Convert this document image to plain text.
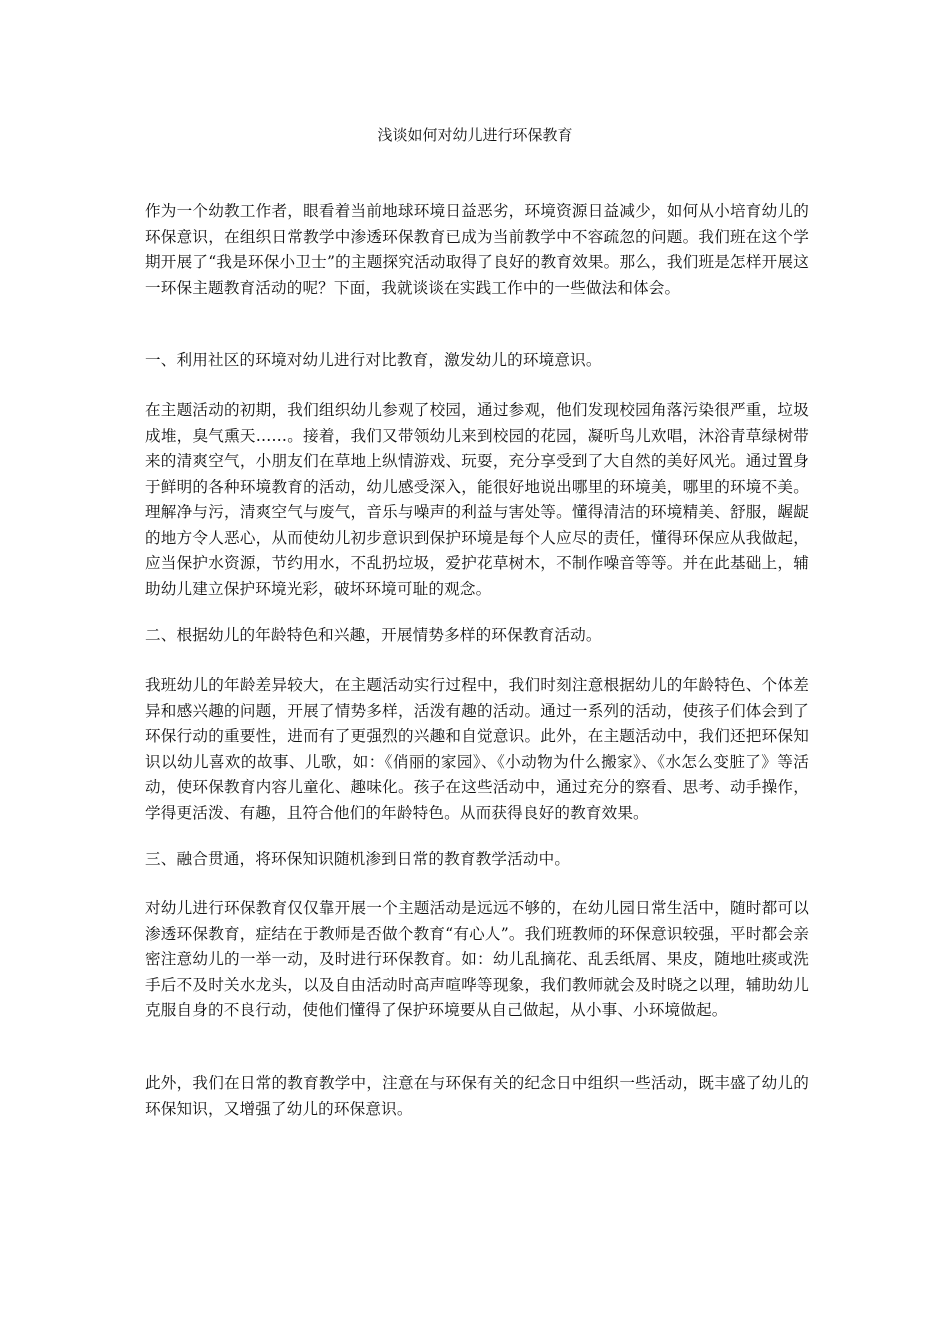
浅谈如何对幼儿进行环保教育

作为一个幼教工作者，眼看着当前地球环境日益恶劣，环境资源日益减少，如何从小培育幼儿的环保意识，在组织日常教学中渗透环保教育已成为当前教学中不容疏忽的问题。我们班在这个学期开展了“我是环保小卫士”的主题探究活动取得了良好的教育效果。那么，我们班是怎样开展这一环保主题教育活动的呢？下面，我就谈谈在实践工作中的一些做法和体会。

一、利用社区的环境对幼儿进行对比教育，激发幼儿的环境意识。

在主题活动的初期，我们组织幼儿参观了校园，通过参观，他们发现校园角落污染很严重，垃圾成堆，臭气熏天……。接着，我们又带领幼儿来到校园的花园，凝听鸟儿欢唱，沐浴青草绿树带来的清爽空气，小朋友们在草地上纵情游戏、玩耍，充分享受到了大自然的美好风光。通过置身于鲜明的各种环境教育的活动，幼儿感受深入，能很好地说出哪里的环境美，哪里的环境不美。理解净与污，清爽空气与废气，音乐与噪声的利益与害处等。懂得清洁的环境精美、舒服，龌龊的地方令人恶心，从而使幼儿初步意识到保护环境是每个人应尽的责任，懂得环保应从我做起，应当保护水资源，节约用水，不乱扔垃圾，爱护花草树木，不制作噪音等等。并在此基础上，辅助幼儿建立保护环境光彩，破坏环境可耻的观念。

二、根据幼儿的年龄特色和兴趣，开展情势多样的环保教育活动。

我班幼儿的年龄差异较大，在主题活动实行过程中，我们时刻注意根据幼儿的年龄特色、个体差异和感兴趣的问题，开展了情势多样，活泼有趣的活动。通过一系列的活动，使孩子们体会到了环保行动的重要性，进而有了更强烈的兴趣和自觉意识。此外，在主题活动中，我们还把环保知识以幼儿喜欢的故事、儿歌，如：《俏丽的家园》、《小动物为什么搬家》、《水怎么变脏了》等活动，使环保教育内容儿童化、趣味化。孩子在这些活动中，通过充分的察看、思考、动手操作，学得更活泼、有趣，且符合他们的年龄特色。从而获得良好的教育效果。

三、融合贯通，将环保知识随机渗到日常的教育教学活动中。

对幼儿进行环保教育仅仅靠开展一个主题活动是远远不够的，在幼儿园日常生活中，随时都可以渗透环保教育，症结在于教师是否做个教育“有心人”。我们班教师的环保意识较强，平时都会亲密注意幼儿的一举一动，及时进行环保教育。如：幼儿乱摘花、乱丢纸屑、果皮，随地吐痰或洗手后不及时关水龙头，以及自由活动时高声喧哗等现象，我们教师就会及时晓之以理，辅助幼儿克服自身的不良行动，使他们懂得了保护环境要从自己做起，从小事、小环境做起。

此外，我们在日常的教育教学中，注意在与环保有关的纪念日中组织一些活动，既丰盛了幼儿的环保知识，又增强了幼儿的环保意识。
